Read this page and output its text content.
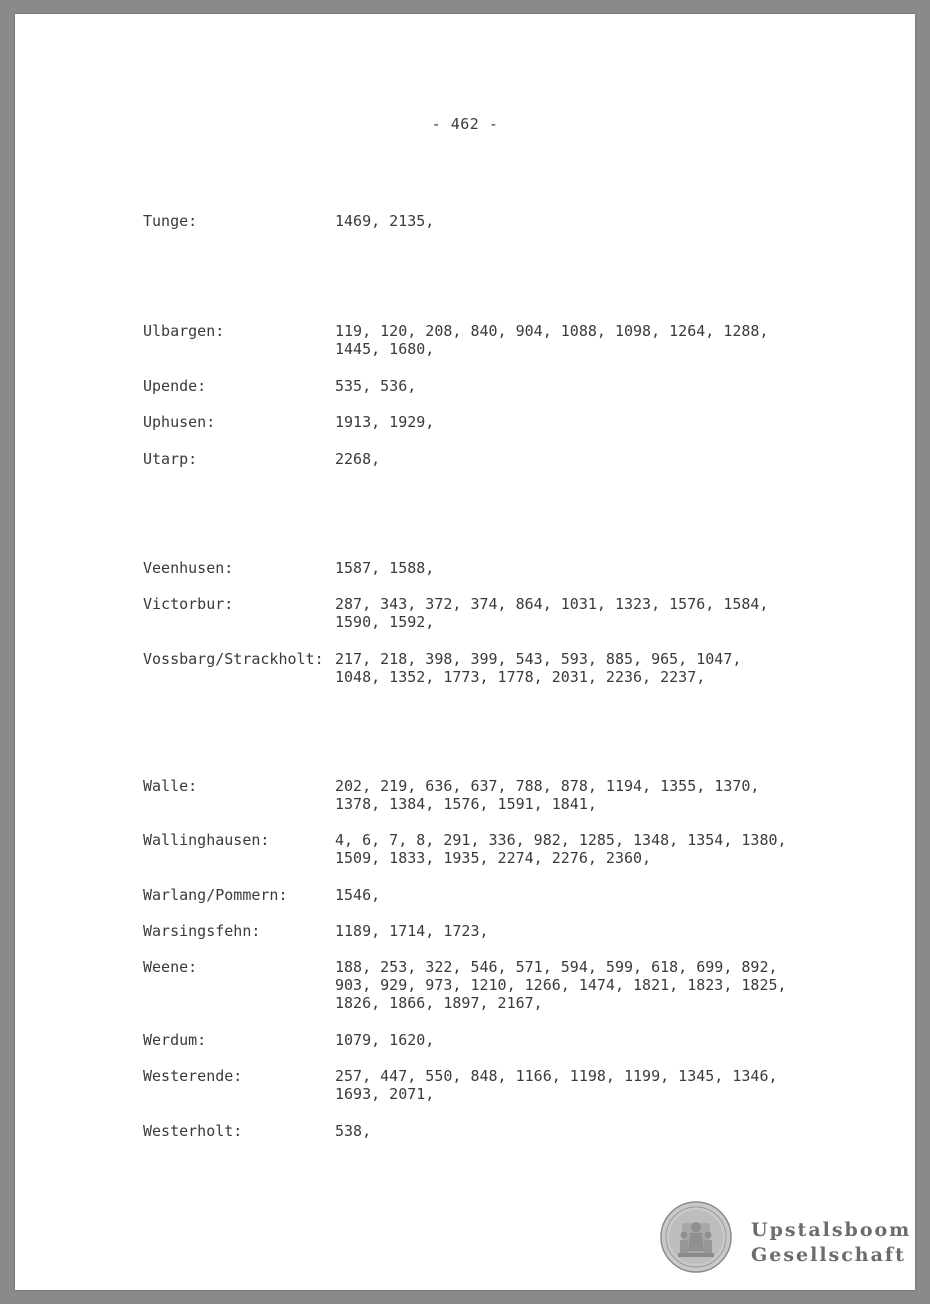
- 462 -
Tunge:	1469, 2135,
Ulbargen:	119, 120, 208, 840, 904, 1088, 1098, 1264, 1288,
1445, 1680,
Upende:	535, 536,
Uphusen:	1913, 1929,
Utarp:	2268,
Veenhusen:	1587, 1588,
Victorbur:	287, 343, 372, 374, 864, 1031, 1323, 1576, 1584,
1590, 1592,
Vossbarg/Strackholt: 217, 218, 398, 399, 543, 593, 885, 965, 1047,
1048, 1352, 1773, 1778, 2031, 2236, 2237,
Walle:	202, 219, 636, 637, 788, 878, 1194, 1355, 1370,
1378, 1384, 1576, 1591, 1841,
Wallinghausen:	4, 6, 7, 8, 291, 336, 982, 1285, 1348, 1354, 1380,
1509, 1833, 1935, 2274, 2276, 2360,
Warlang/Pommern:	1546,
Warsingsfehn:	1189, 1714, 1723,
Weene:	188, 253, 322, 546, 571, 594, 599, 618, 699, 892,
903, 929, 973, 1210, 1266, 1474, 1821, 1823, 1825,
1826, 1866, 1897, 2167,
Werdum:	1079, 1620,
Westerende:	257, 447, 550, 848, 1166, 1198, 1199, 1345, 1346,
1693, 2071,
Westerholt:	538,
Upstalsboom
Gesellschaft
